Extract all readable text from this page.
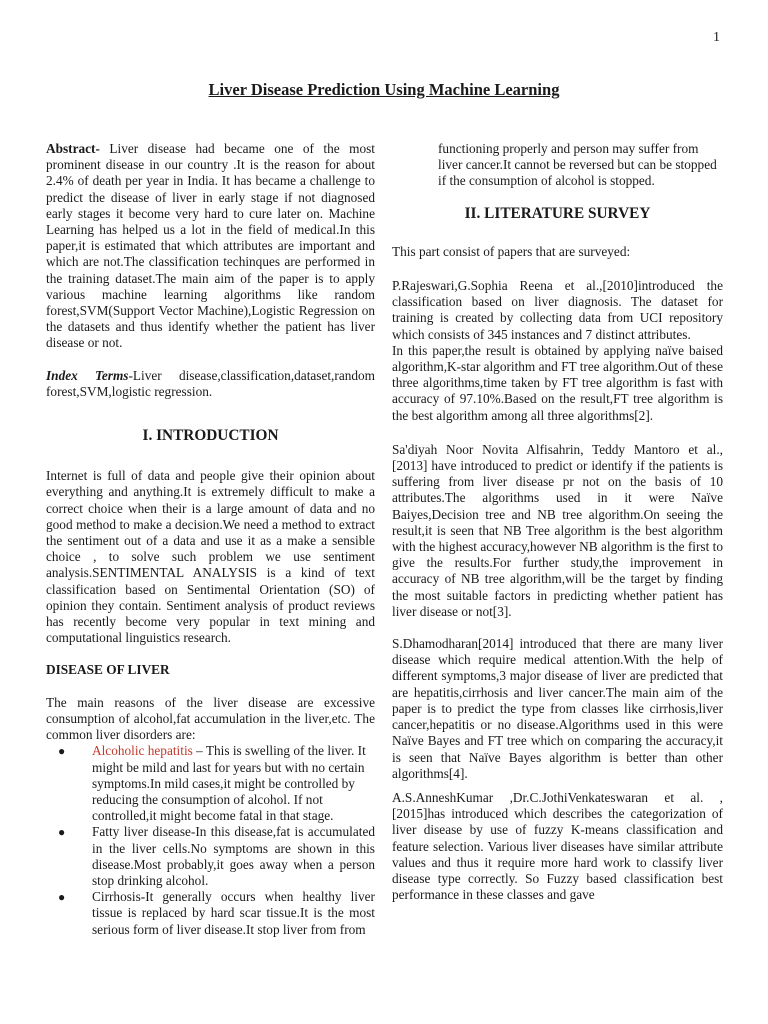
1
Liver Disease Prediction Using Machine Learning

Abstract- Liver disease had became one of the most prominent disease in our country .It is the reason for about 2.4% of death per year in India. It has became a challenge to predict the disease of liver in early stage if not diagnosed early stages it become very hard to cure later on. Machine Learning has helped us a lot in the field of medical.In this paper,it is estimated that which attributes are important and which are not.The classification techinques are performed in the training dataset.The main aim of the paper is to apply various machine learning algorithms like random forest,SVM(Support Vector Machine),Logistic Regression on the datasets and thus identify whether the patient has liver disease or not.

Index Terms-Liver disease,classification,dataset,random forest,SVM,logistic regression.

I. INTRODUCTION

Internet is full of data and people give their opinion about everything and anything.It is extremely difficult to make a correct choice when their is a large amount of data and no good method to make a decision.We need a method to extract the sentiment out of a data and use it as a make a sensible choice , to solve such problem we use sentiment analysis.SENTIMENTAL ANALYSIS is a kind of text classification based on Sentimental Orientation (SO) of opinion they contain. Sentiment analysis of product reviews has recently become very popular in text mining and computational linguistics research.

DISEASE OF LIVER

The main reasons of the liver disease are excessive consumption of alcohol,fat accumulation in the liver,etc. The common liver disorders are:

● Alcoholic hepatitis – This is swelling of the liver. It might be mild and last for years but with no certain symptoms.In mild cases,it might be controlled by reducing the consumption of alcohol. If not controlled,it might become fatal in that stage.
● Fatty liver disease-In this disease,fat is accumulated in the liver cells.No symptoms are shown in this disease.Most probably,it goes away when a person stop drinking alcohol.
● Cirrhosis-It generally occurs when healthy liver tissue is replaced by hard scar tissue.It is the most serious form of liver disease.It stop liver from from

functioning properly and person may suffer from liver cancer.It cannot be reversed but can be stopped if the consumption of alcohol is stopped.

II. LITERATURE SURVEY

This part consist of papers that are surveyed:

P.Rajeswari,G.Sophia Reena et al.,[2010]introduced the classification based on liver diagnosis. The dataset for training is created by collecting data from UCI repository which consists of 345 instances and 7 distinct attributes.

In this paper,the result is obtained by applying naïve baised algorithm,K-star algorithm and FT tree algorithm.Out of these three algorithms,time taken by FT tree algorithm is fast with accuracy of 97.10%.Based on the result,FT tree algorithm is the best algorithm among all three algorithms[2].

Sa'diyah Noor Novita Alfisahrin, Teddy Mantoro et al., [2013] have introduced to predict or identify if the patients is suffering from liver disease pr not on the basis of 10 attributes.The algorithms used in it were Naïve Baiyes,Decision tree and NB tree algorithm.On seeing the result,it is seen that NB Tree algorithm is the best algorithm with the highest accuracy,however NB algorithm is the first to give the results.For further study,the improvement in accuracy of NB tree algorithm,will be the target by finding the most suitable factors in predicting whether patient has liver disease or not[3].

S.Dhamodharan[2014] introduced that there are many liver disease which require medical attention.With the help of different symptoms,3 major disease of liver are predicted that are hepatitis,cirrhosis and liver cancer.The main aim of the paper is to predict the type from classes like cirrhosis,liver cancer,hepatitis or no disease.Algorithms used in this were Naïve Bayes and FT tree which on comparing the accuracy,it is seen that Naïve Bayes algorithm is better than other algorithms[4].

A.S.AnneshKumar ,Dr.C.JothiVenkateswaran et al. ,[2015]has introduced which describes the categorization of liver disease by use of fuzzy K-means classification and feature selection. Various liver diseases have similar attribute values and thus it require more hard work to classify liver disease type correctly. So Fuzzy based classification best performance in these classes and gave
